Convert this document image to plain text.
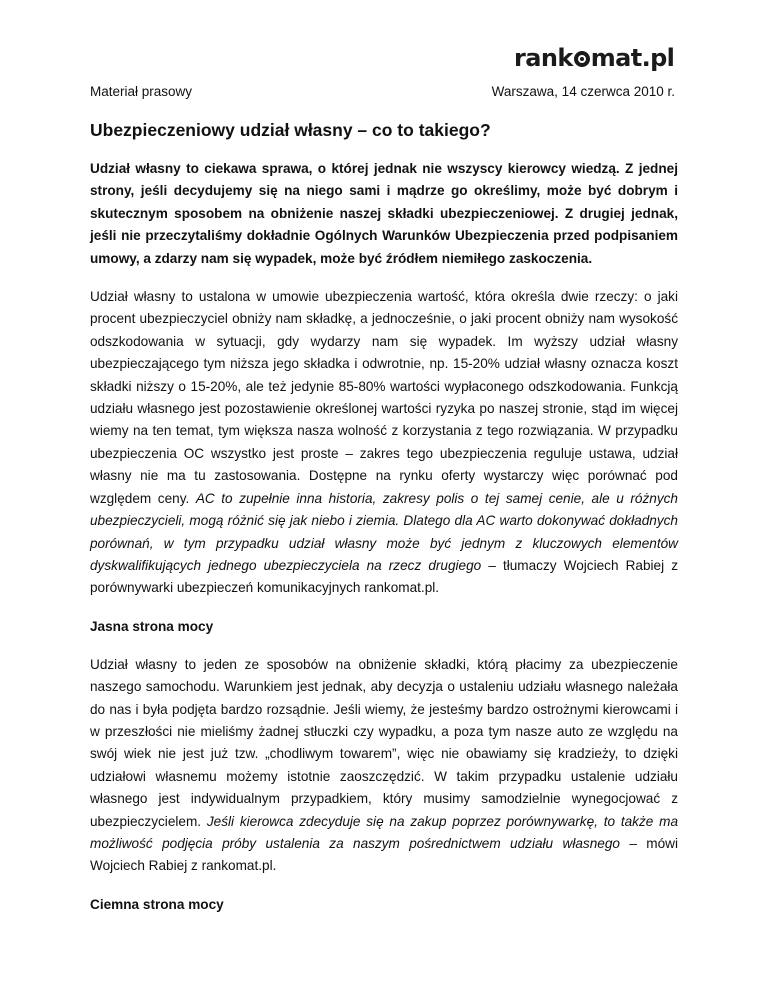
rank mat.pl
Materiał prasowy	Warszawa, 14 czerwca 2010 r.
Ubezpieczeniowy udział własny – co to takiego?

Udział własny to ciekawa sprawa, o której jednak nie wszyscy kierowcy wiedzą. Z jednej strony, jeśli decydujemy się na niego sami i mądrze go określimy, może być dobrym i skutecznym sposobem na obniżenie naszej składki ubezpieczeniowej. Z drugiej jednak, jeśli nie przeczytaliśmy dokładnie Ogólnych Warunków Ubezpieczenia przed podpisaniem umowy, a zdarzy nam się wypadek, może być źródłem niemiłego zaskoczenia.

Udział własny to ustalona w umowie ubezpieczenia wartość, która określa dwie rzeczy: o jaki procent ubezpieczyciel obniży nam składkę, a jednocześnie, o jaki procent obniży nam wysokość odszkodowania w sytuacji, gdy wydarzy nam się wypadek. Im wyższy udział własny ubezpieczającego tym niższa jego składka i odwrotnie, np. 15-20% udział własny oznacza koszt składki niższy o 15-20%, ale też jedynie 85-80% wartości wypłaconego odszkodowania. Funkcją udziału własnego jest pozostawienie określonej wartości ryzyka po naszej stronie, stąd im więcej wiemy na ten temat, tym większa nasza wolność z korzystania z tego rozwiązania. W przypadku ubezpieczenia OC wszystko jest proste – zakres tego ubezpieczenia reguluje ustawa, udział własny nie ma tu zastosowania. Dostępne na rynku oferty wystarczy więc porównać pod względem ceny. AC to zupełnie inna historia, zakresy polis o tej samej cenie, ale u różnych ubezpieczycieli, mogą różnić się jak niebo i ziemia. Dlatego dla AC warto dokonywać dokładnych porównań, w tym przypadku udział własny może być jednym z kluczowych elementów dyskwalifikujących jednego ubezpieczyciela na rzecz drugiego – tłumaczy Wojciech Rabiej z porównywarki ubezpieczeń komunikacyjnych rankomat.pl.

Jasna strona mocy

Udział własny to jeden ze sposobów na obniżenie składki, którą płacimy za ubezpieczenie naszego samochodu. Warunkiem jest jednak, aby decyzja o ustaleniu udziału własnego należała do nas i była podjęta bardzo rozsądnie. Jeśli wiemy, że jesteśmy bardzo ostrożnymi kierowcami i w przeszłości nie mieliśmy żadnej stłuczki czy wypadku, a poza tym nasze auto ze względu na swój wiek nie jest już tzw. „chodliwym towarem”, więc nie obawiamy się kradzieży, to dzięki udziałowi własnemu możemy istotnie zaoszczędzić. W takim przypadku ustalenie udziału własnego jest indywidualnym przypadkiem, który musimy samodzielnie wynegocjować z ubezpieczycielem. Jeśli kierowca zdecyduje się na zakup poprzez porównywarkę, to także ma możliwość podjęcia próby ustalenia za naszym pośrednictwem udziału własnego – mówi Wojciech Rabiej z rankomat.pl.

Ciemna strona mocy
